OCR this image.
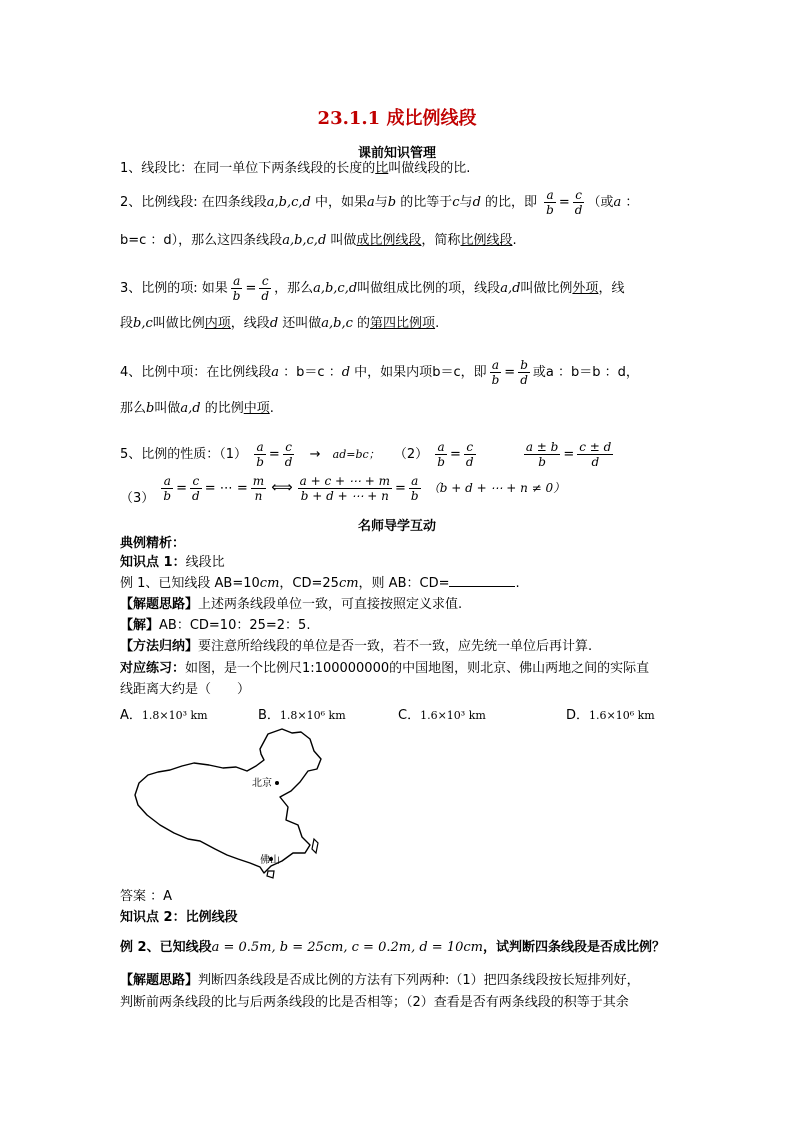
23.1.1 成比例线段
课前知识管理
1、线段比：在同一单位下两条线段的长度的比叫做线段的比.
2、比例线段: 在四条线段a,b,c,d 中，如果a与b 的比等于c与d 的比，即 $\frac{a}{b} = \frac{c}{d}$ （或a ：
b=c ：d），那么这四条线段a,b,c,d 叫做成比例线段，简称比例线段.
3、比例的项: 如果 $\frac{a}{b} = \frac{c}{d}$ ，那么a,b,c,d叫做组成比例的项，线段a,d叫做比例外项，线
段b,c叫做比例内项，线段d 还叫做a,b,c 的第四比例项.
4、比例中项：在比例线段a ：b＝c ：d 中，如果内项b＝c，即 $\frac{a}{b} = \frac{b}{d}$ 或a ：b＝b ：d，
那么b叫做a,d 的比例中项.
5、比例的性质：$(1) \frac{a}{b} = \frac{c}{d} \to ad=bc$； $(2) \frac{a}{b} = \frac{c}{d}$
	$\frac{a \pm b}{b} = \frac{c \pm d}{d}$
$(3) \frac{a}{b} = \frac{c}{d}$ = ⋯ = $\frac{m}{n}$ ⟺ $\frac{a + c + \cdots + m}{b + d + \cdots + n} = \frac{a}{b} (b + d$ + ⋯ + n ≠ 0）
名师导学互动
典例精析：
知识点 1：线段比
例 1、已知线段 AB=10cm，CD=25cm，则 AB：CD=	.
【解题思路】上述两条线段单位一致，可直接按照定义求值.
【解】AB：CD=10：25=2：5.
【方法归纳】要注意所给线段的单位是否一致，若不一致，应先统一单位后再计算.
对应练习：如图，是一个比例尺1:100000000的中国地图，则北京、佛山两地之间的实际直
线距离大约是（　　）
A．1.8×10³ km	B．1.8×10⁶ km	C．1.6×10³ km	D．1.6×10⁶ km
北京
佛山
答案 ：A
知识点 2：比例线段
例 2、已知线段a = 0.5m, b = 25cm, c = 0.2m, d = 10cm，试判断四条线段是否成比例？
【解题思路】判断四条线段是否成比例的方法有下列两种:（1）把四条线段按长短排列好，
判断前两条线段的比与后两条线段的比是否相等；（2）查看是否有两条线段的积等于其余
